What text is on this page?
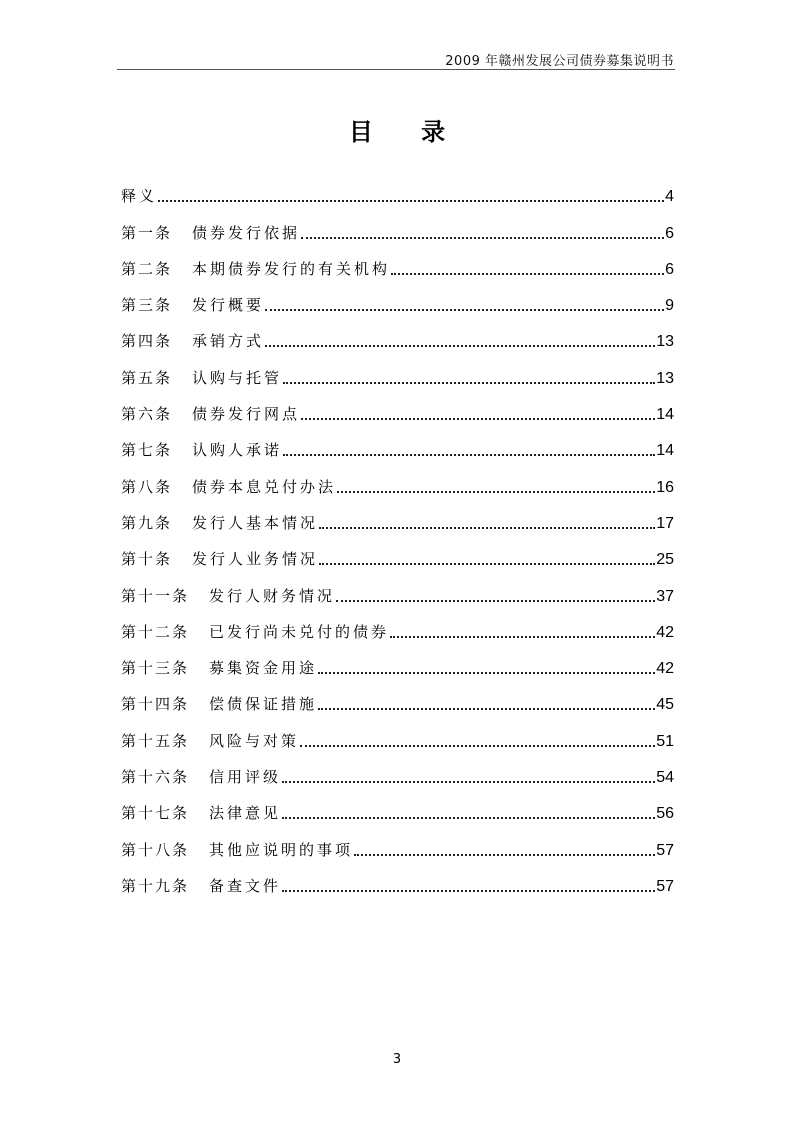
2009 年赣州发展公司债券募集说明书
目 录
释义	4
第一条 债券发行依据	6
第二条 本期债券发行的有关机构	6
第三条 发行概要	9
第四条 承销方式	13
第五条 认购与托管	13
第六条 债券发行网点	14
第七条 认购人承诺	14
第八条 债券本息兑付办法	16
第九条 发行人基本情况	17
第十条 发行人业务情况	25
第十一条 发行人财务情况	37
第十二条 已发行尚未兑付的债券	42
第十三条 募集资金用途	42
第十四条 偿债保证措施	45
第十五条 风险与对策	51
第十六条 信用评级	54
第十七条 法律意见	56
第十八条 其他应说明的事项	57
第十九条 备查文件	57
3
